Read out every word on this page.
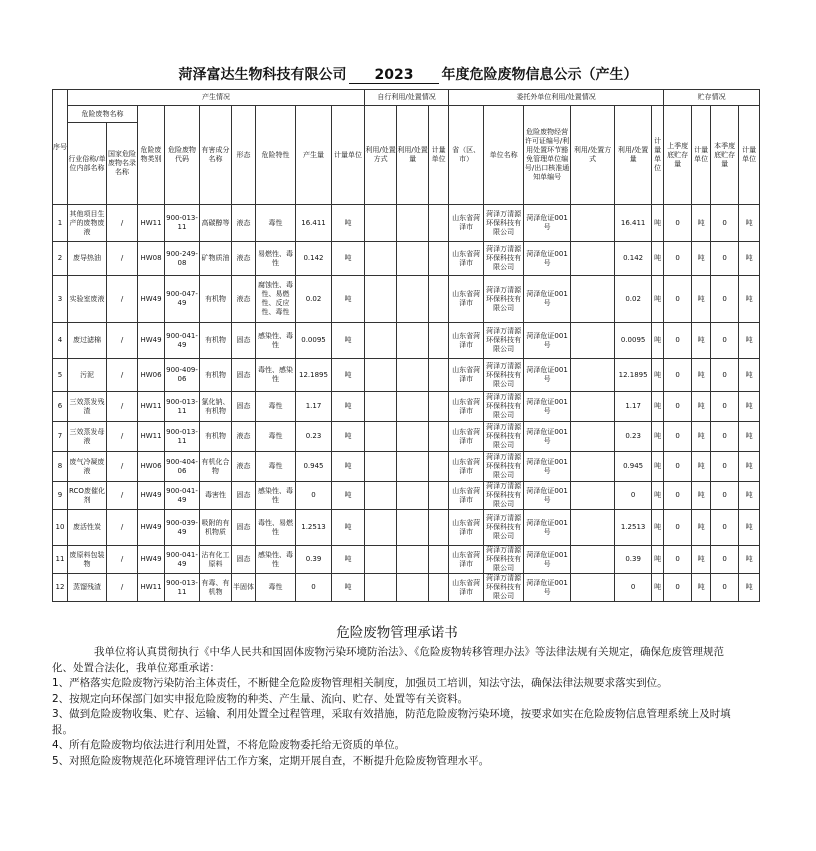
菏泽富达生物科技有限公司 2023 年度危险废物信息公示（产生）
序号	产生情况									自行利用/处置情况			委托外单位利用/处置情况						贮存情况			
	危险废物名称		危险废物类别	危险废物代码	有害成分名称	形态	危险特性	产生量	计量单位	利用/处置方式	利用/处置量	计量单位	省（区、市）	单位名称	危险废物经营许可证编号/利用处置环节豁免管理单位编号/出口核准通知单编号	利用/处置方式	利用/处置量	计量单位	上季度底贮存量	计量单位	本季度底贮存量	计量单位
	行业俗称/单位内部名称	国家危险废物名录名称																				
1	其他项目生产的废物废液	/	HW11	900-013-11	高碳醇等	液态	毒性	16.411	吨				山东省菏泽市	菏泽万清源环保科技有限公司	菏泽危证001号		16.411	吨	0	吨	0	吨
2	废导热油	/	HW08	900-249-08	矿物质油	液态	易燃性、毒性	0.142	吨				山东省菏泽市	菏泽万清源环保科技有限公司	菏泽危证001号		0.142	吨	0	吨	0	吨
3	实验室废液	/	HW49	900-047-49	有机物	液态	腐蚀性、毒性、易燃性、反应性、毒性	0.02	吨				山东省菏泽市	菏泽万清源环保科技有限公司	菏泽危证001号		0.02	吨	0	吨	0	吨
4	废过滤棉	/	HW49	900-041-49	有机物	固态	感染性、毒性	0.0095	吨				山东省菏泽市	菏泽万清源环保科技有限公司	菏泽危证001号		0.0095	吨	0	吨	0	吨
5	污泥	/	HW06	900-409-06	有机物	固态	毒性、感染性	12.1895	吨				山东省菏泽市	菏泽万清源环保科技有限公司	菏泽危证001号		12.1895	吨	0	吨	0	吨
6	三效蒸发残渣	/	HW11	900-013-11	氯化钠、有机物	固态	毒性	1.17	吨				山东省菏泽市	菏泽万清源环保科技有限公司	菏泽危证001号		1.17	吨	0	吨	0	吨
7	三效蒸发母液	/	HW11	900-013-11	有机物	液态	毒性	0.23	吨				山东省菏泽市	菏泽万清源环保科技有限公司	菏泽危证001号		0.23	吨	0	吨	0	吨
8	废气冷凝废液	/	HW06	900-404-06	有机化合物	液态	毒性	0.945	吨				山东省菏泽市	菏泽万清源环保科技有限公司	菏泽危证001号		0.945	吨	0	吨	0	吨
9	RCO废催化剂	/	HW49	900-041-49	毒害性	固态	感染性、毒性	0	吨				山东省菏泽市	菏泽万清源环保科技有限公司	菏泽危证001号		0	吨	0	吨	0	吨
10	废活性炭	/	HW49	900-039-49	吸附的有机物质	固态	毒性、易燃性	1.2513	吨				山东省菏泽市	菏泽万清源环保科技有限公司	菏泽危证001号		1.2513	吨	0	吨	0	吨
11	废原料包装物	/	HW49	900-041-49	沾有化工原料	固态	感染性、毒性	0.39	吨				山东省菏泽市	菏泽万清源环保科技有限公司	菏泽危证001号		0.39	吨	0	吨	0	吨
12	蒸馏残渣	/	HW11	900-013-11	有毒、有机物	半固体	毒性	0	吨				山东省菏泽市	菏泽万清源环保科技有限公司	菏泽危证001号		0	吨	0	吨	0	吨
危险废物管理承诺书

我单位将认真贯彻执行《中华人民共和国固体废物污染环境防治法》、《危险废物转移管理办法》等法律法规有关规定，确保危废管理规范化、处置合法化，我单位郑重承诺：

1、严格落实危险废物污染防治主体责任，不断健全危险废物管理相关制度，加强员工培训，知法守法，确保法律法规要求落实到位。

2、按规定向环保部门如实申报危险废物的种类、产生量、流向、贮存、处置等有关资料。

3、做到危险废物收集、贮存、运输、利用处置全过程管理，采取有效措施，防范危险废物污染环境，按要求如实在危险废物信息管理系统上及时填报。

4、所有危险废物均依法进行利用处置，不将危险废物委托给无资质的单位。

5、对照危险废物规范化环境管理评估工作方案，定期开展自查，不断提升危险废物管理水平。
